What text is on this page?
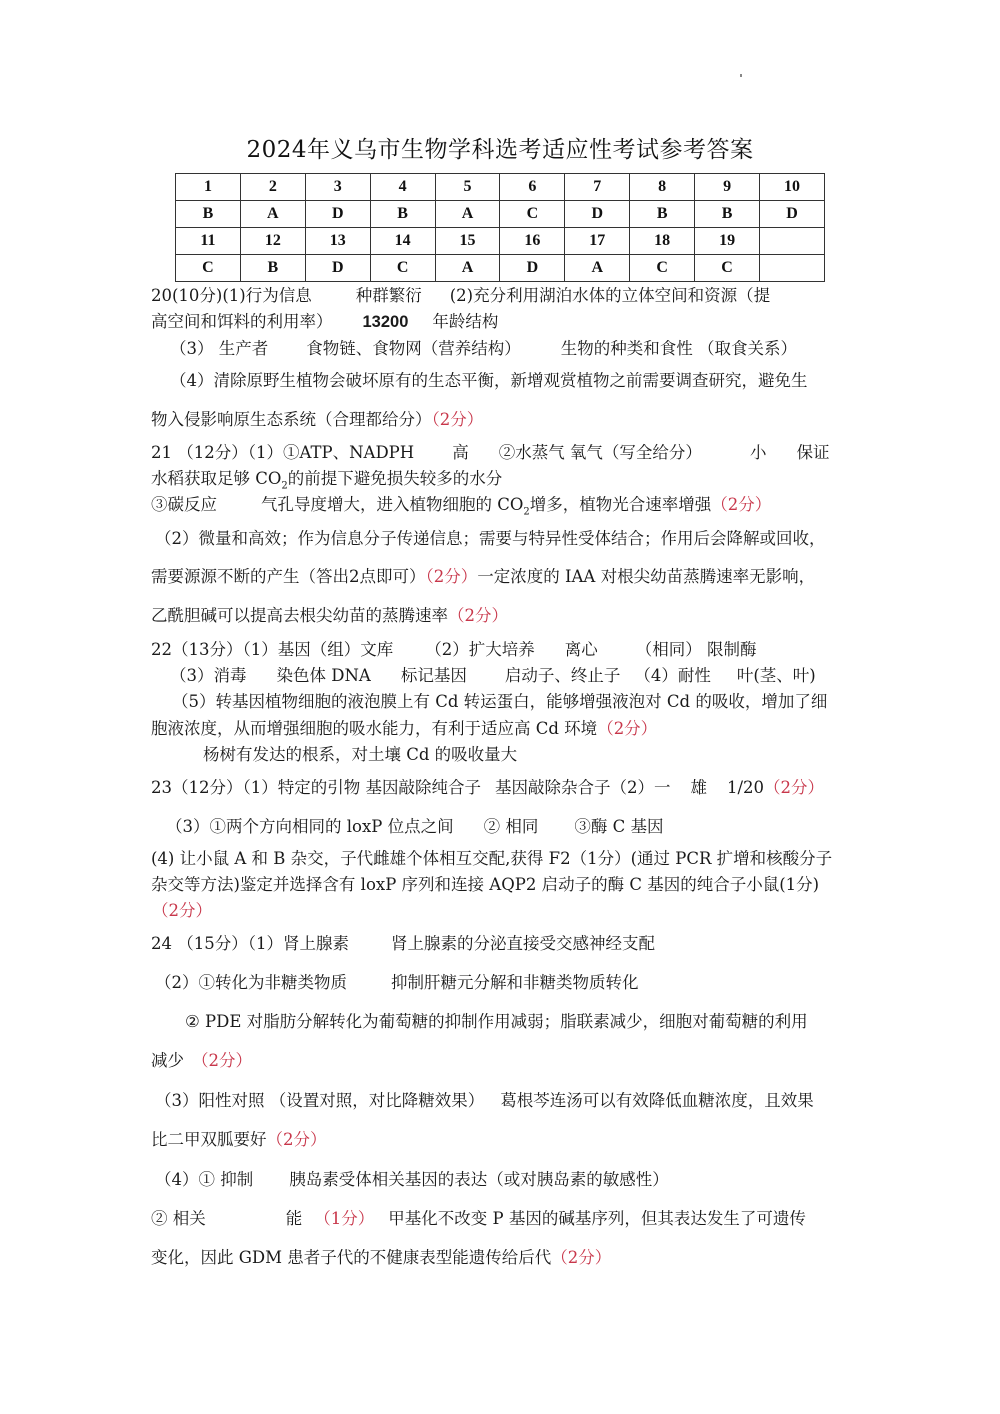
2024年义乌市生物学科选考适应性考试参考答案
1	2	3	4	5	6	7	8	9	10
B	A	D	B	A	C	D	B	B	D
11	12	13	14	15	16	17	18	19	
C	B	D	C	A	D	A	C	C	
20(10分)(1)行为信息	种群繁衍 (2)充分利用湖泊水体的立体空间和资源（提
高空间和饵料的利用率） 13200 年龄结构
（3） 生产者 食物链、食物网（营养结构） 生物的种类和食性 （取食关系）
（4）清除原野生植物会破坏原有的生态平衡，新增观赏植物之前需要调查研究，避免生
物入侵影响原生态系统（合理都给分）（2分）
21 （12分）（1）①ATP、NADPH 高 ②水蒸气 氧气（写全给分）	小 保证
水稻获取足够 $CO_2$的前提下避免损失较多的水分
③碳反应	气孔导度增大，进入植物细胞的 $CO_2$增多，植物光合速率增强（2分）
（2）微量和高效；作为信息分子传递信息；需要与特异性受体结合；作用后会降解或回收，
需要源源不断的产生（答出2点即可）（2分）一定浓度的 IAA 对根尖幼苗蒸腾速率无影响，
乙酰胆碱可以提高去根尖幼苗的蒸腾速率（2分）
22（13分）（1）基因（组）文库 （2）扩大培养 离心 （相同） 限制酶
（3）消毒 染色体 DNA 标记基因 启动子、终止子 （4）耐性 叶(茎、叶)
（5）转基因植物细胞的液泡膜上有 Cd 转运蛋白，能够增强液泡对 Cd 的吸收，增加了细
胞液浓度，从而增强细胞的吸水能力，有利于适应高 Cd 环境（2分）
杨树有发达的根系，对土壤 Cd 的吸收量大
23（12分）（1）特定的引物 基因敲除纯合子 基因敲除杂合子（2）一 雄 1/20（2分）
（3）①两个方向相同的 loxP 位点之间 ② 相同 ③酶 C 基因
(4) 让小鼠 A 和 B 杂交，子代雌雄个体相互交配,获得 F2（1分）(通过 PCR 扩增和核酸分子
杂交等方法)鉴定并选择含有 loxP 序列和连接 AQP2 启动子的酶 C 基因的纯合子小鼠(1分)
（2分）
24 （15分）（1）肾上腺素	肾上腺素的分泌直接受交感神经支配
（2）①转化为非糖类物质	抑制肝糖元分解和非糖类物质转化
② PDE 对脂肪分解转化为葡萄糖的抑制作用减弱；脂联素减少，细胞对葡萄糖的利用
减少 （2分）
（3）阳性对照 （设置对照，对比降糖效果） 葛根芩连汤可以有效降低血糖浓度，且效果
比二甲双胍要好（2分）
（4）① 抑制 胰岛素受体相关基因的表达（或对胰岛素的敏感性）
② 相关	能 （1分） 甲基化不改变 P 基因的碱基序列，但其表达发生了可遗传
变化，因此 GDM 患者子代的不健康表型能遗传给后代（2分）
